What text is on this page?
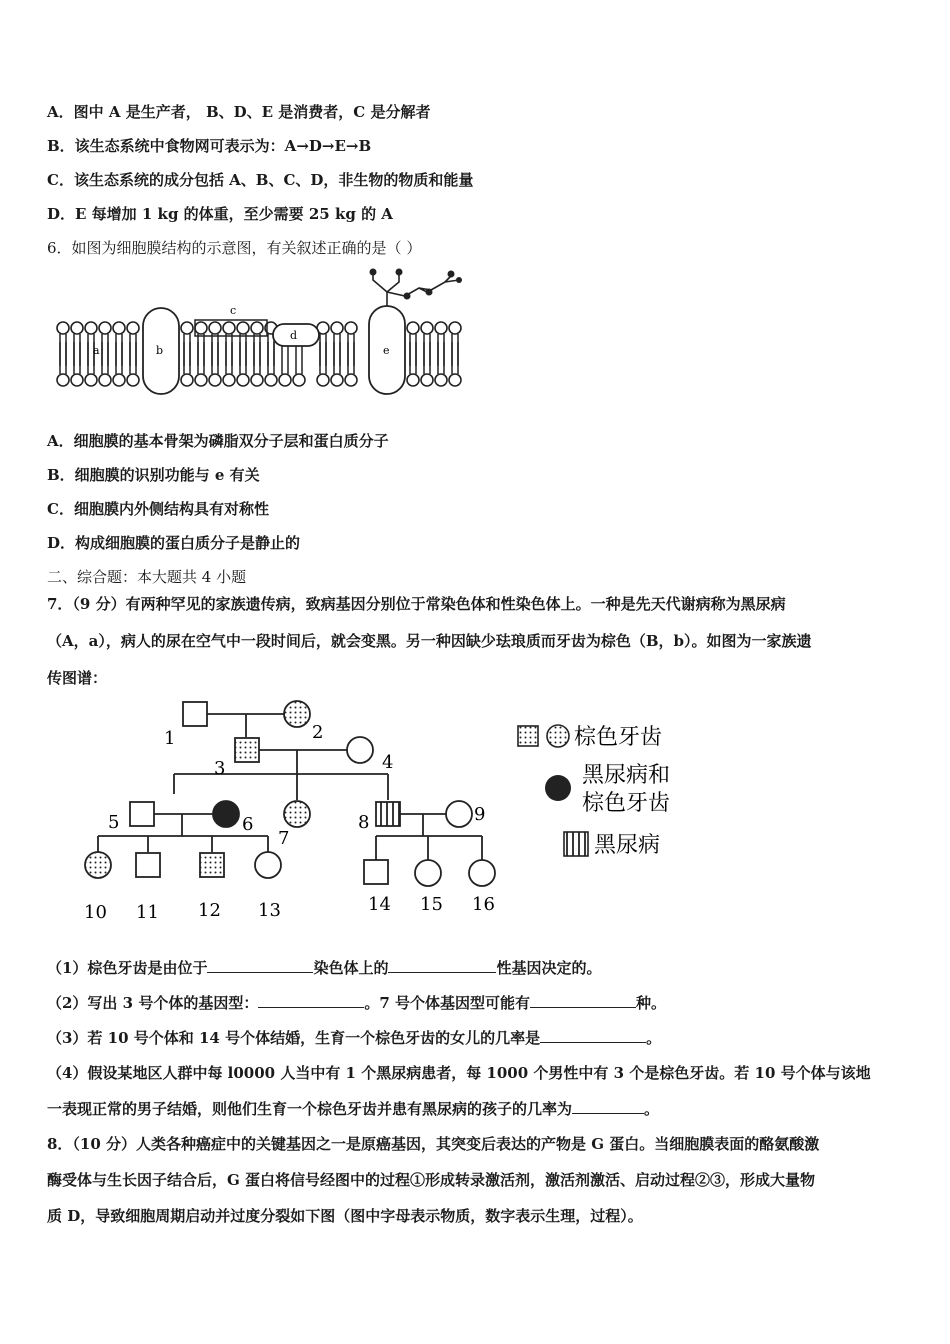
A．图中 A 是生产者， B、D、E 是消费者，C 是分解者
B．该生态系统中食物网可表示为：A→D→E→B
C．该生态系统的成分包括 A、B、C、D，非生物的物质和能量
D．E 每增加 1 kg 的体重，至少需要 25 kg 的 A
6．如图为细胞膜结构的示意图，有关叙述正确的是（ ）
a	b
c
d
e
A．细胞膜的基本骨架为磷脂双分子层和蛋白质分子
B．细胞膜的识别功能与 e 有关
C．细胞膜内外侧结构具有对称性
D．构成细胞膜的蛋白质分子是静止的
二、综合题：本大题共 4 小题
7．（9 分）有两种罕见的家族遗传病，致病基因分别位于常染色体和性染色体上。一种是先天代谢病称为黑尿病
（A，a），病人的尿在空气中一段时间后，就会变黑。另一种因缺少珐琅质而牙齿为棕色（B，b）。如图为一家族遗
传图谱：
1	2
3	4
5	6
7
8	9
10 11 12 13	14 15 16
棕色牙齿
黑尿病和
棕色牙齿
黑尿病
（1）棕色牙齿是由位于	染色体上的	性基因决定的。
（2）写出 3 号个体的基因型：	。7 号个体基因型可能有	种。
（3）若 10 号个体和 14 号个体结婚，生育一个棕色牙齿的女儿的几率是	。
（4）假设某地区人群中每 l0000 人当中有 1 个黑尿病患者，每 1000 个男性中有 3 个是棕色牙齿。若 10 号个体与该地
一表现正常的男子结婚，则他们生育一个棕色牙齿并患有黑尿病的孩子的几率为	。
8．（10 分）人类各种癌症中的关键基因之一是原癌基因，其突变后表达的产物是 G 蛋白。当细胞膜表面的酪氨酸激
酶受体与生长因子结合后，G 蛋白将信号经图中的过程①形成转录激活剂，激活剂激活、启动过程②③，形成大量物
质 D，导致细胞周期启动并过度分裂如下图（图中字母表示物质，数字表示生理，过程）。
